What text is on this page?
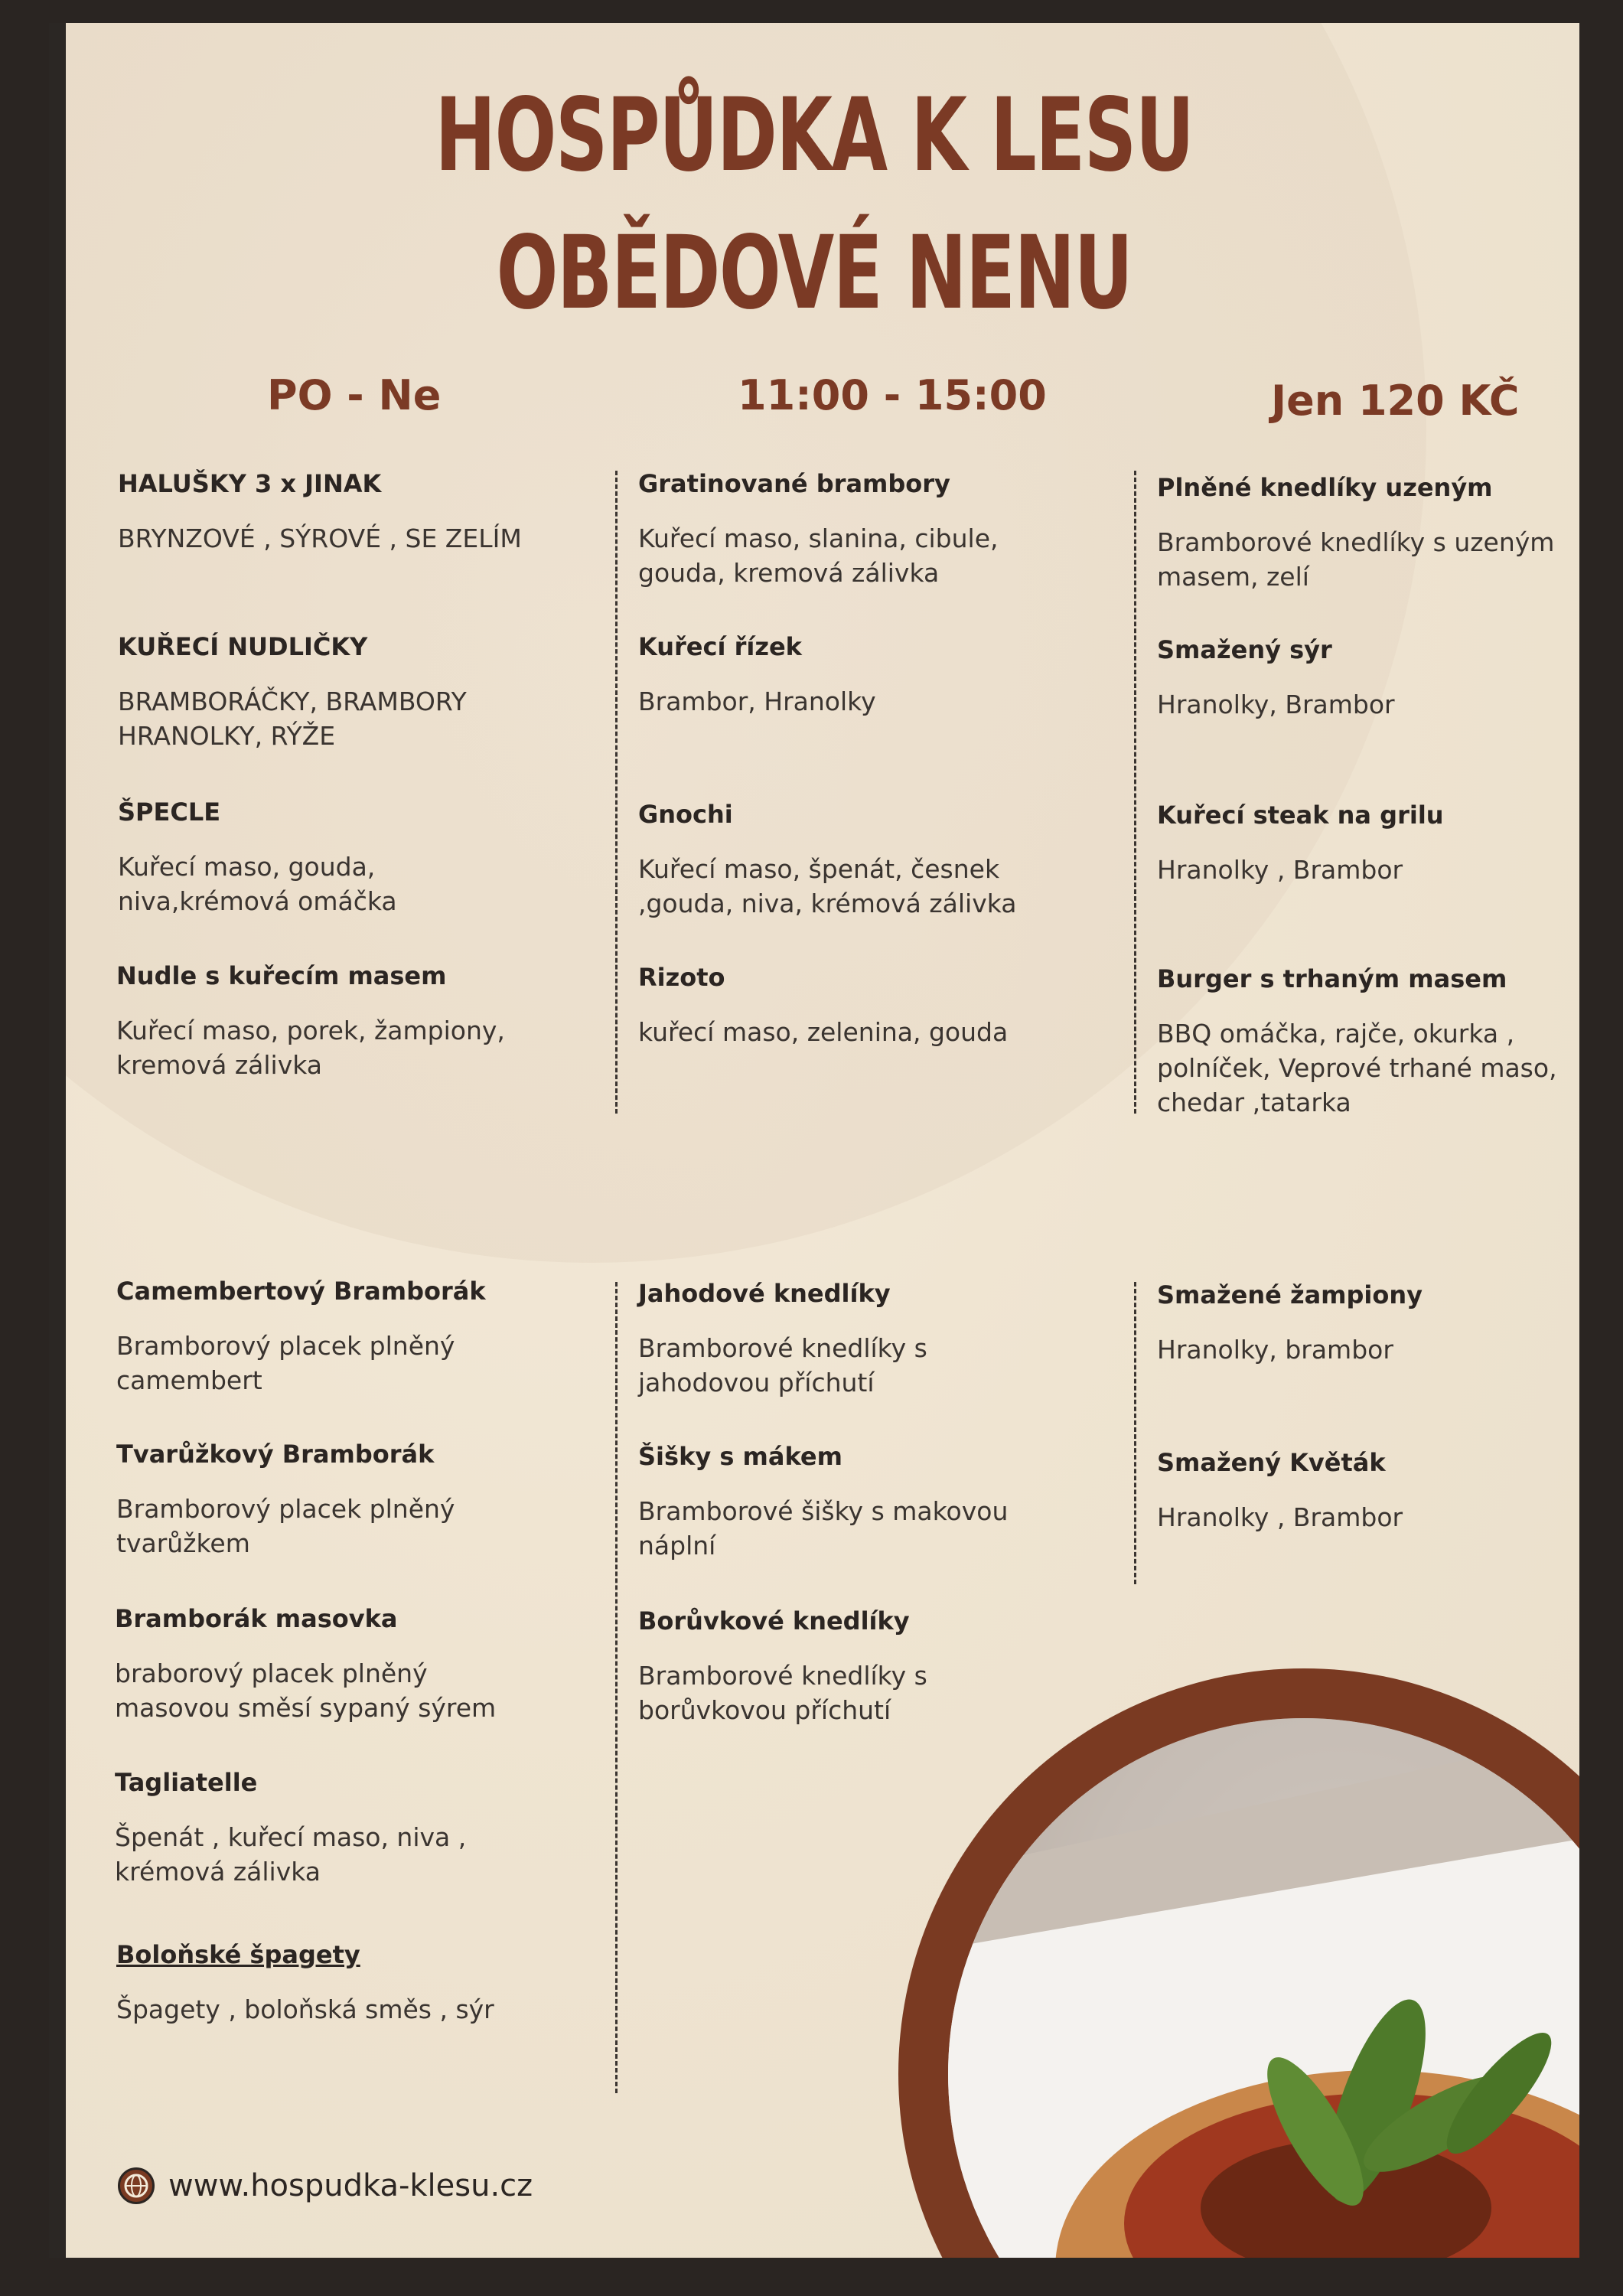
HOSPŮDKA K LESU
OBĚDOVÉ NENU
PO - Ne	11:00 - 15:00	Jen 120 KČ

HALUŠKY 3 x JINAK

BRYNZOVÉ , SÝROVÉ , SE ZELÍM

KUŘECÍ NUDLIČKY

BRAMBORÁČKY, BRAMBORY
HRANOLKY, RÝŽE

ŠPECLE

Kuřecí maso, gouda,
niva,krémová omáčka

Nudle s kuřecím masem

Kuřecí maso, porek, žampiony,
kremová zálivka

Gratinované brambory

Kuřecí maso, slanina, cibule,
gouda, kremová zálivka

Kuřecí řízek

Brambor, Hranolky

Gnochi

Kuřecí maso, špenát, česnek
,gouda, niva, krémová zálivka

Rizoto

kuřecí maso, zelenina, gouda

Plněné knedlíky uzeným

Bramborové knedlíky s uzeným
masem, zelí

Smažený sýr

Hranolky, Brambor

Kuřecí steak na grilu

Hranolky , Brambor

Burger s trhaným masem

BBQ omáčka, rajče, okurka ,
polníček, Veprové trhané maso,
chedar ,tatarka

Camembertový Bramborák

Bramborový placek plněný
camembert

Tvarůžkový Bramborák

Bramborový placek plněný
tvarůžkem

Bramborák masovka

braborový placek plněný
masovou směsí sypaný sýrem

Tagliatelle

Špenát , kuřecí maso, niva ,
krémová zálivka

Boloňské špagety

Špagety , boloňská směs , sýr

Jahodové knedlíky

Bramborové knedlíky s
jahodovou příchutí

Šišky s mákem

Bramborové šišky s makovou
náplní

Borůvkové knedlíky

Bramborové knedlíky s
borůvkovou příchutí

Smažené žampiony

Hranolky, brambor

Smažený Květák

Hranolky , Brambor

www.hospudka-klesu.cz
